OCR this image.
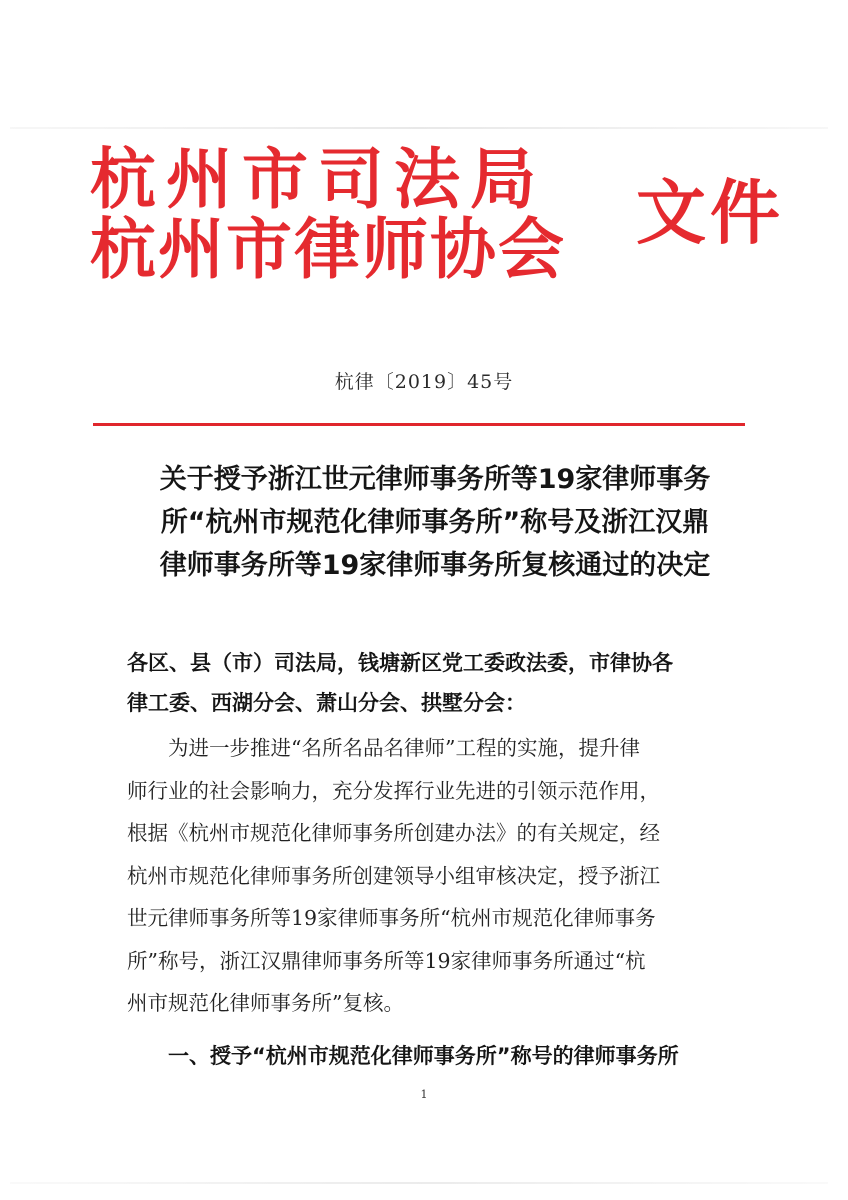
杭州市司法局
杭州市律师协会 文件
杭律〔2019〕45号
关于授予浙江世元律师事务所等19家律师事务
所“杭州市规范化律师事务所”称号及浙江汉鼎
律师事务所等19家律师事务所复核通过的决定
各区、县（市）司法局，钱塘新区党工委政法委，市律协各
律工委、西湖分会、萧山分会、拱墅分会：
　　为进一步推进“名所名品名律师”工程的实施，提升律
师行业的社会影响力，充分发挥行业先进的引领示范作用，
根据《杭州市规范化律师事务所创建办法》的有关规定，经
杭州市规范化律师事务所创建领导小组审核决定，授予浙江
世元律师事务所等19家律师事务所“杭州市规范化律师事务
所”称号，浙江汉鼎律师事务所等19家律师事务所通过“杭
州市规范化律师事务所”复核。
一、授予“杭州市规范化律师事务所”称号的律师事务所
1
